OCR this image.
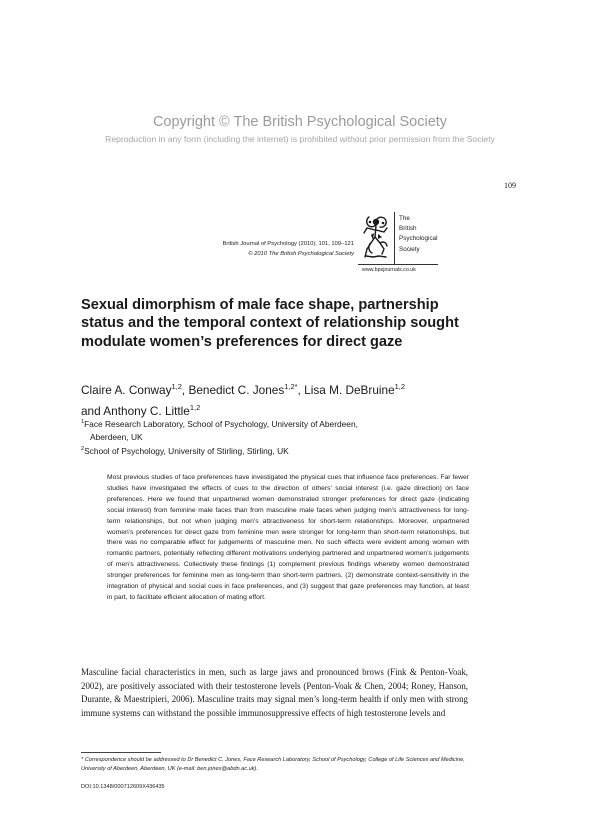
Copyright © The British Psychological Society
Reproduction in any form (including the internet) is prohibited without prior permission from the Society
109
British Journal of Psychology (2010), 101, 109–121
© 2010 The British Psychological Society
The
British
Psychological
Society
www.bpsjournals.co.uk
Sexual dimorphism of male face shape, partnership status and the temporal context of relationship sought modulate women’s preferences for direct gaze
Claire A. Conway$^{1,2}$, Benedict C. Jones$^{1,2*}$, Lisa M. DeBruine$^{1,2}$
and Anthony C. Little$^{1,2}$
$^1$Face Research Laboratory, School of Psychology, University of Aberdeen,
Aberdeen, UK
$^2$School of Psychology, University of Stirling, Stirling, UK

Most previous studies of face preferences have investigated the physical cues that influence face preferences. Far fewer studies have investigated the effects of cues to the direction of others’ social interest (i.e. gaze direction) on face preferences. Here we found that unpartnered women demonstrated stronger preferences for direct gaze (indicating social interest) from feminine male faces than from masculine male faces when judging men’s attractiveness for long-term relationships, but not when judging men’s attractiveness for short-term relationships. Moreover, unpartnered women’s preferences for direct gaze from feminine men were stronger for long-term than short-term relationships, but there was no comparable effect for judgements of masculine men. No such effects were evident among women with romantic partners, potentially reflecting different motivations underlying partnered and unpartnered women’s judgements of men’s attractiveness. Collectively these findings (1) complement previous findings whereby women demonstrated stronger preferences for feminine men as long-term than short-term partners, (2) demonstrate context-sensitivity in the integration of physical and social cues in face preferences, and (3) suggest that gaze preferences may function, at least in part, to facilitate efficient allocation of mating effort.

Masculine facial characteristics in men, such as large jaws and pronounced brows (Fink & Penton-Voak, 2002), are positively associated with their testosterone levels (Penton-Voak & Chen, 2004; Roney, Hanson, Durante, & Maestripieri, 2006). Masculine traits may signal men’s long-term health if only men with strong immune systems can withstand the possible immunosuppressive effects of high testosterone levels and

* Correspondence should be addressed to Dr Benedict C. Jones, Face Research Laboratory, School of Psychology, College of Life Sciences and Medicine, University of Aberdeen, Aberdeen, UK (e-mail: ben.jones@abdn.ac.uk).

DOI:10.1348/000712609X436435
